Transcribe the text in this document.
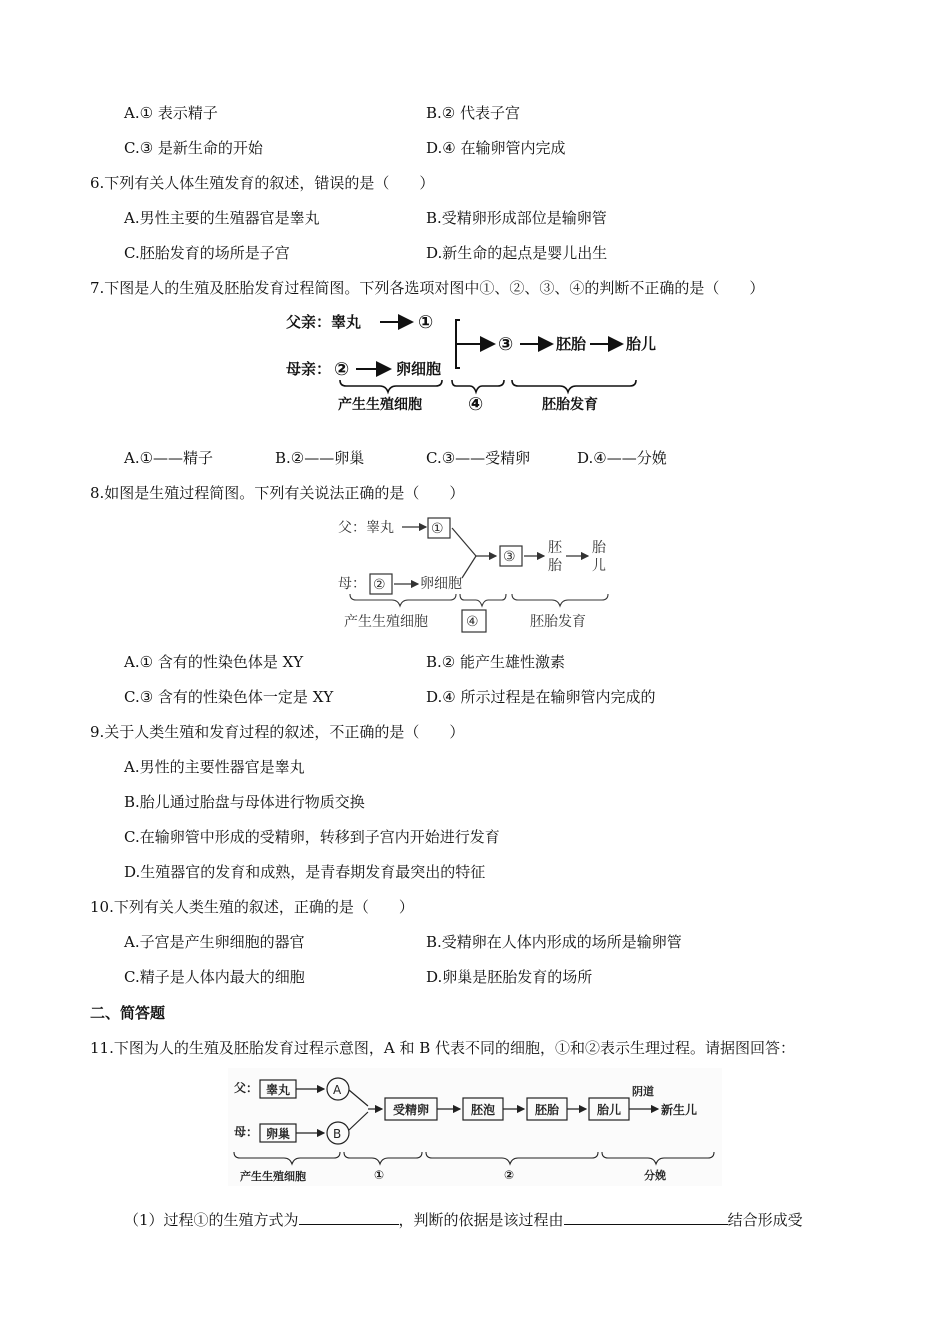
A.① 表示精子	B.② 代表子宫
C.③ 是新生命的开始	D.④ 在输卵管内完成
6.下列有关人体生殖发育的叙述，错误的是（　　）
A.男性主要的生殖器官是睾丸	B.受精卵形成部位是输卵管
C.胚胎发育的场所是子宫	D.新生命的起点是婴儿出生
7.下图是人的生殖及胚胎发育过程简图。下列各选项对图中①、②、③、④的判断不正确的是（　　）
父亲：睾丸	①
母亲： ②	卵细胞
③	胚胎	胎儿
产生生殖细胞	④	胚胎发育
A.①——精子	B.②——卵巢	C.③——受精卵	D.④——分娩
8.如图是生殖过程简图。下列有关说法正确的是（　　）
父：睾丸	①
母： ② 卵细胞
③
胚
胎
胎
儿
产生生殖细胞	④	胚胎发育
A.① 含有的性染色体是 XY	B.② 能产生雄性激素
C.③ 含有的性染色体一定是 XY	D.④ 所示过程是在输卵管内完成的
9.关于人类生殖和发育过程的叙述，不正确的是（　　）
A.男性的主要性器官是睾丸
B.胎儿通过胎盘与母体进行物质交换
C.在输卵管中形成的受精卵，转移到子宫内开始进行发育
D.生殖器官的发育和成熟，是青春期发育最突出的特征
10.下列有关人类生殖的叙述，正确的是（　　）
A.子宫是产生卵细胞的器官	B.受精卵在人体内形成的场所是输卵管
C.精子是人体内最大的细胞	D.卵巢是胚胎发育的场所
二、简答题
11.下图为人的生殖及胚胎发育过程示意图，A 和 B 代表不同的细胞，①和②表示生理过程。请据图回答：
父： 睾丸	A
母： 卵巢	B
受精卵	胚泡	胚胎	胎儿
阴道
新生儿
产生生殖细胞	①	②	分娩
（1）过程①的生殖方式为	，判断的依据是该过程由	结合形成受
